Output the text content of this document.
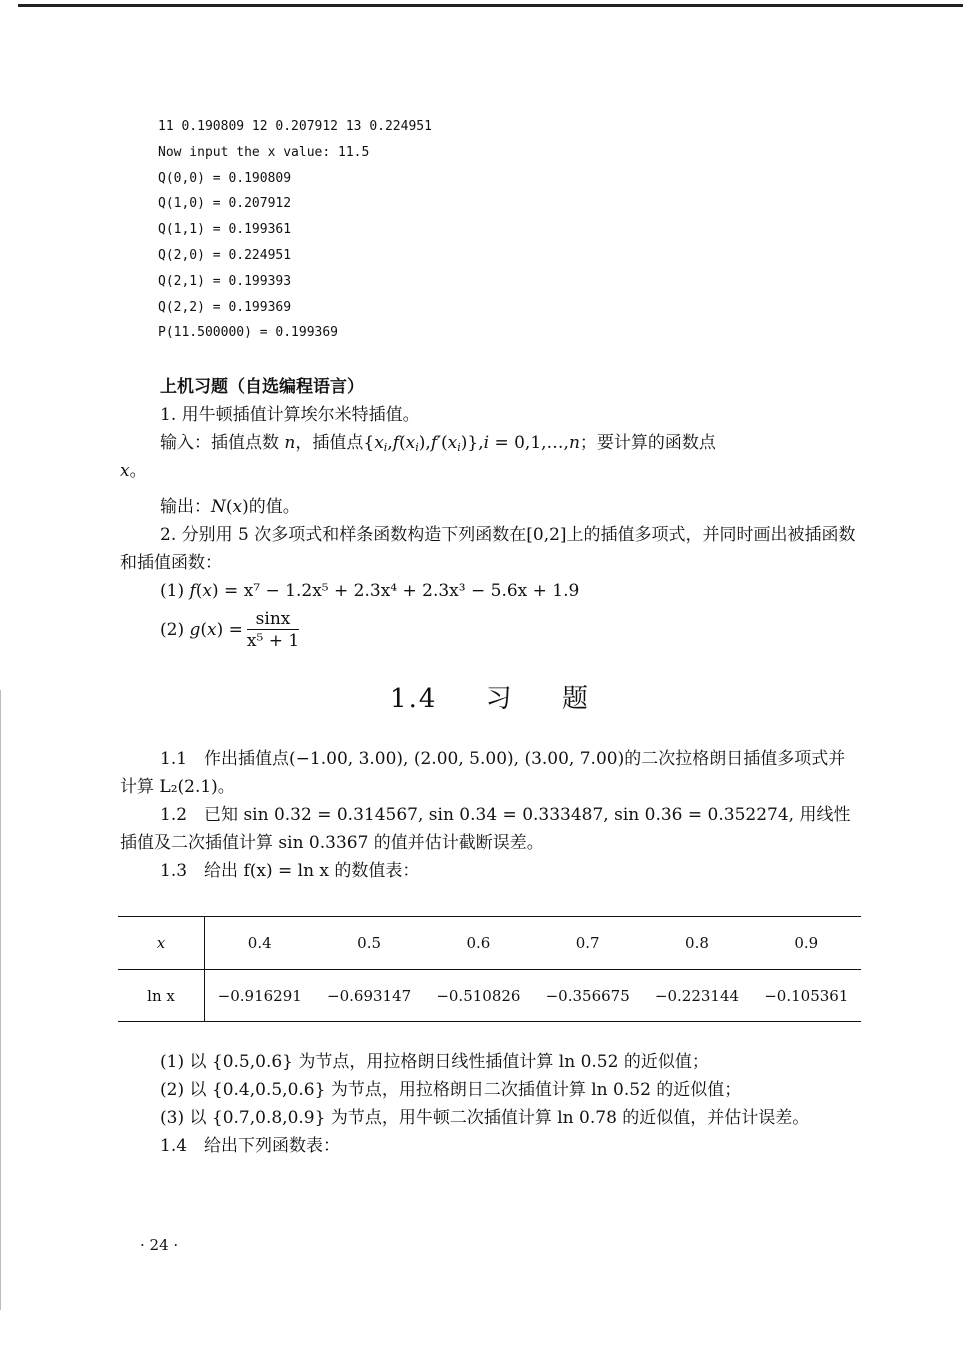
11 0.190809 12 0.207912 13 0.224951
Now input the x value: 11.5
Q(0,0) = 0.190809
Q(1,0) = 0.207912
Q(1,1) = 0.199361
Q(2,0) = 0.224951
Q(2,1) = 0.199393
Q(2,2) = 0.199369
P(11.500000) = 0.199369

上机习题（自选编程语言）

1. 用牛顿插值计算埃尔米特插值。

输入：插值点数 n，插值点$\{x_i,f(x_i),f'(x_i)\},i$ = 0,1,…,n；要计算的函数点
x。

输出：N(x)的值。

2. 分别用 5 次多项式和样条函数构造下列函数在[0,2]上的插值多项式，并同时画出被插函数和插值函数：

(1) f(x) = x⁷ − 1.2x⁵ + 2.3x⁴ + 2.3x³ − 5.6x + 1.9

(2) $g(x) = \frac{\sin x}{\text{x⁵ + 1}}$

1.4 习 题

1.1　作出插值点(−1.00, 3.00), (2.00, 5.00), (3.00, 7.00)的二次拉格朗日插值多项式并计算 L₂(2.1)。

1.2　已知 sin 0.32 = 0.314567, sin 0.34 = 0.333487, sin 0.36 = 0.352274, 用线性插值及二次插值计算 sin 0.3367 的值并估计截断误差。

1.3　给出 f(x) = ln x 的数值表：

x	0.4	0.5	0.6	0.7	0.8	0.9
ln x	−0.916291	−0.693147	−0.510826	−0.356675	−0.223144	−0.105361

(1) 以 {0.5,0.6} 为节点，用拉格朗日线性插值计算 ln 0.52 的近似值；

(2) 以 {0.4,0.5,0.6} 为节点，用拉格朗日二次插值计算 ln 0.52 的近似值；

(3) 以 {0.7,0.8,0.9} 为节点，用牛顿二次插值计算 ln 0.78 的近似值，并估计误差。

1.4　给出下列函数表：

· 24 ·
